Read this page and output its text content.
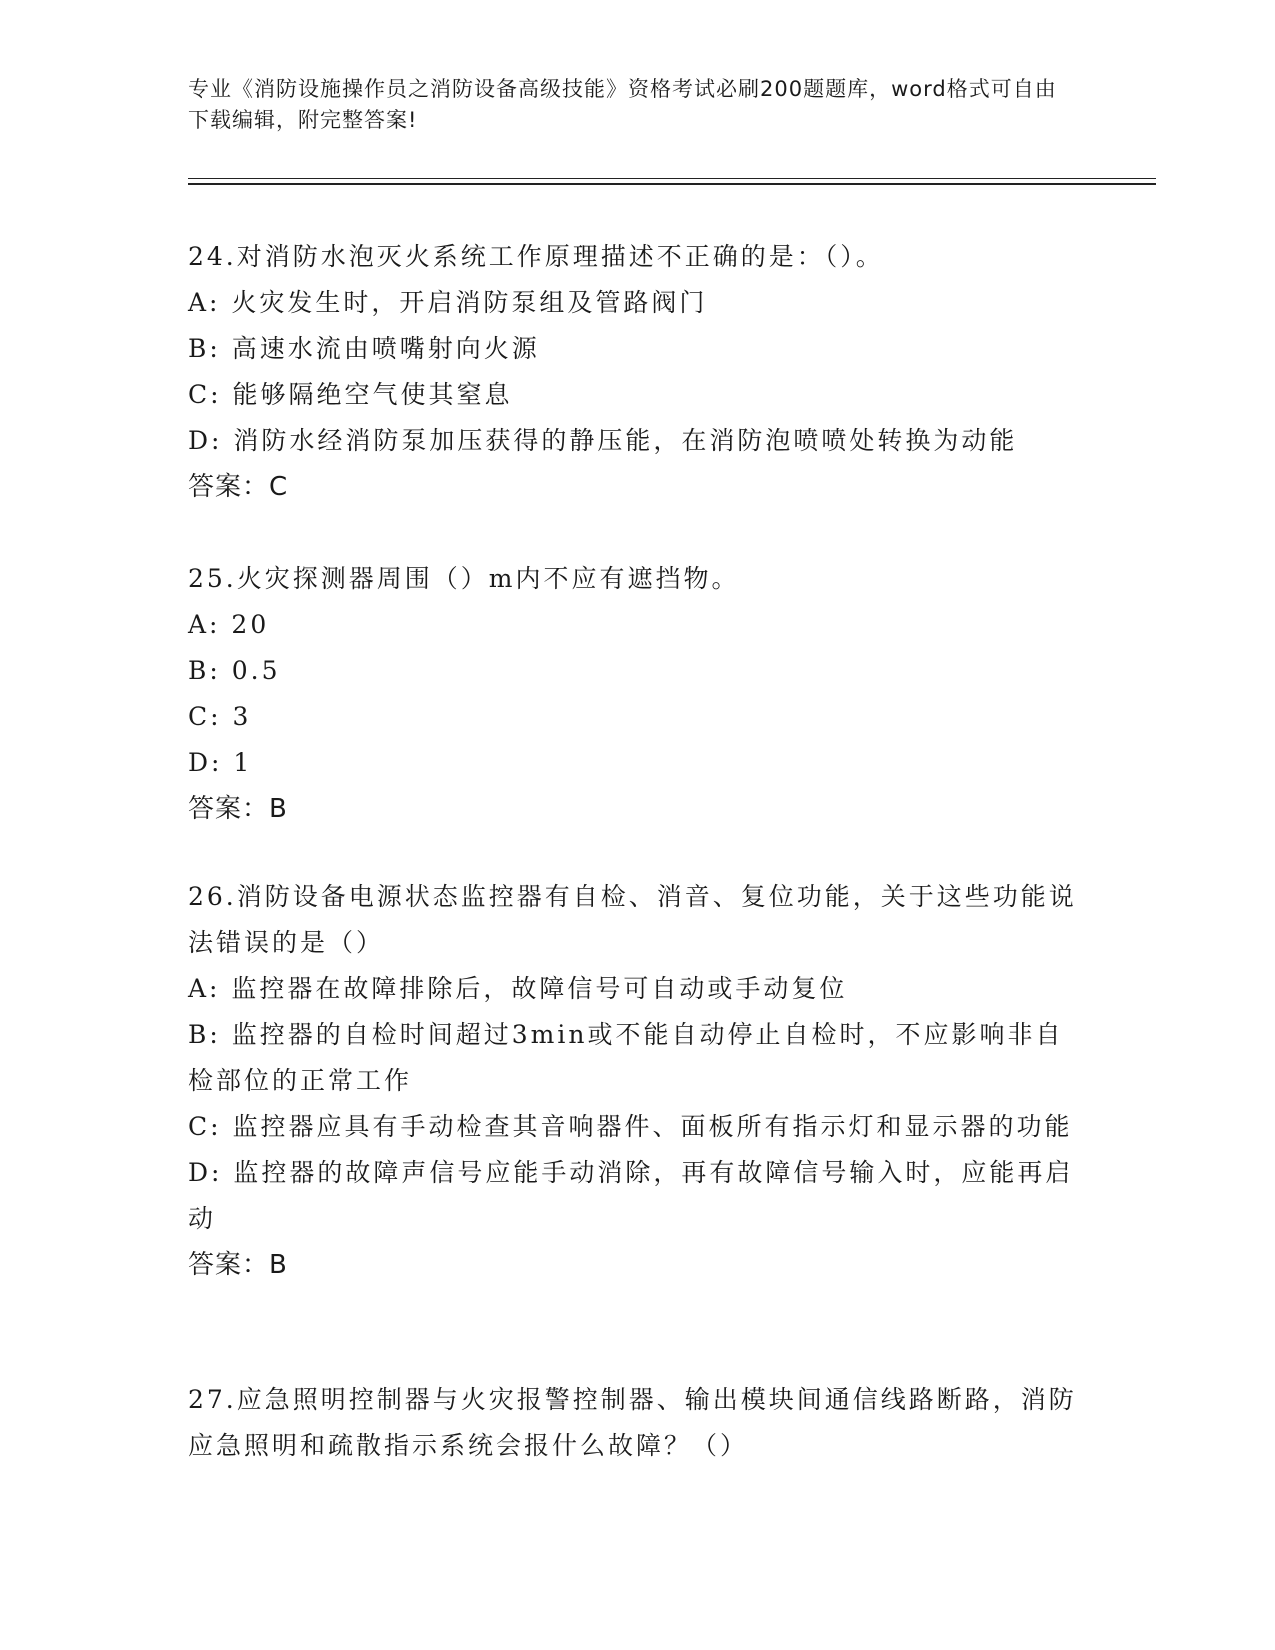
专业《消防设施操作员之消防设备高级技能》资格考试必刷200题题库，word格式可自由下载编辑，附完整答案!
24.对消防水泡灭火系统工作原理描述不正确的是：（）。
A: 火灾发生时，开启消防泵组及管路阀门
B: 高速水流由喷嘴射向火源
C: 能够隔绝空气使其窒息
D: 消防水经消防泵加压获得的静压能，在消防泡喷喷处转换为动能
答案：C
25.火灾探测器周围（）m内不应有遮挡物。
A: 20
B: 0.5
C: 3
D: 1
答案：B
26.消防设备电源状态监控器有自检、消音、复位功能，关于这些功能说法错误的是（）
A: 监控器在故障排除后，故障信号可自动或手动复位
B: 监控器的自检时间超过3min或不能自动停止自检时，不应影响非自检部位的正常工作
C: 监控器应具有手动检查其音响器件、面板所有指示灯和显示器的功能
D: 监控器的故障声信号应能手动消除，再有故障信号输入时，应能再启动
答案：B
27.应急照明控制器与火灾报警控制器、输出模块间通信线路断路，消防应急照明和疏散指示系统会报什么故障？（）
